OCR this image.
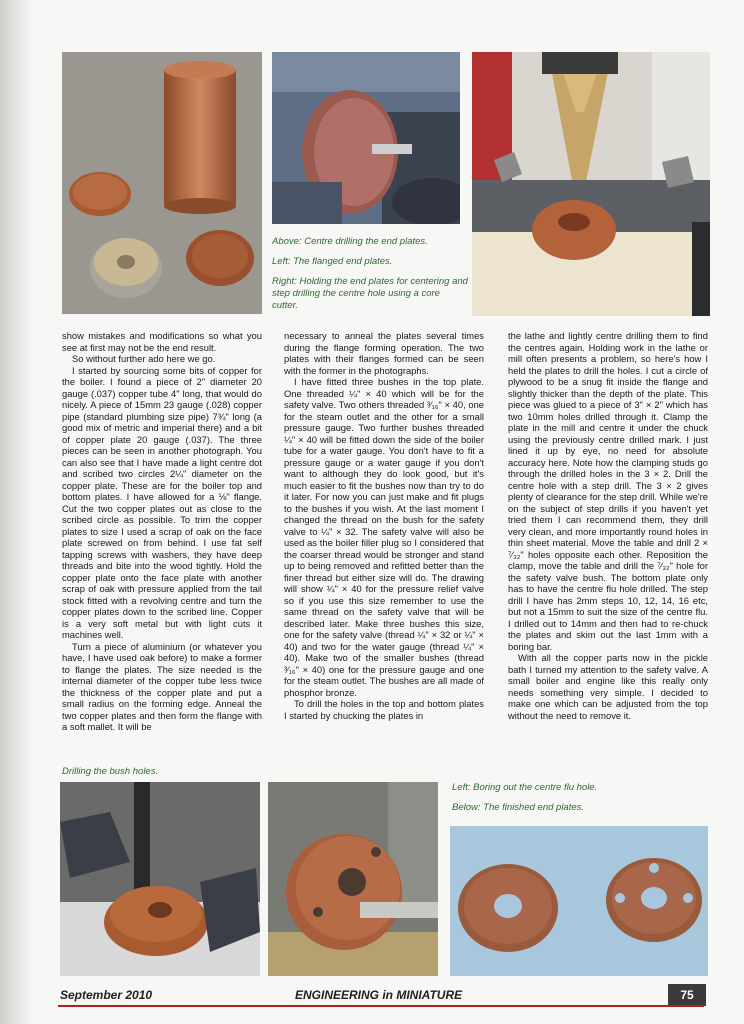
Above: Centre drilling the end plates.

Left: The flanged end plates.

Right: Holding the end plates for centering and step drilling the centre hole using a core cutter.

show mistakes and modifications so what you see at first may not be the end result.

So without further ado here we go.

I started by sourcing some bits of copper for the boiler. I found a piece of 2" diameter 20 gauge (.037) copper tube 4" long, that would do nicely. A piece of 15mm 23 gauge (.028) copper pipe (standard plumbing size pipe) 7¾" long (a good mix of metric and imperial there) and a bit of copper plate 20 gauge (.037). The three pieces can be seen in another photograph. You can also see that I have made a light centre dot and scribed two circles 2¼" diameter on the copper plate. These are for the boiler top and bottom plates. I have allowed for a ⅛" flange. Cut the two copper plates out as close to the scribed circle as possible. To trim the copper plates to size I used a scrap of oak on the face plate screwed on from behind. I use fat self tapping screws with washers, they have deep threads and bite into the wood tightly. Hold the copper plate onto the face plate with another scrap of oak with pressure applied from the tail stock fitted with a revolving centre and turn the copper plates down to the scribed line. Copper is a very soft metal but with light cuts it machines well.

Turn a piece of aluminium (or whatever you have, I have used oak before) to make a former to flange the plates. The size needed is the internal diameter of the copper tube less twice the thickness of the copper plate and put a small radius on the forming edge. Anneal the two copper plates and then form the flange with a soft mallet. It will be

necessary to anneal the plates several times during the flange forming operation. The two plates with their flanges formed can be seen with the former in the photographs.

I have fitted three bushes in the top plate. One threaded ¼" × 40 which will be for the safety valve. Two others threaded ³⁄₁₆" × 40, one for the steam outlet and the other for a small pressure gauge. Two further bushes threaded ¼" × 40 will be fitted down the side of the boiler tube for a water gauge. You don't have to fit a pressure gauge or a water gauge if you don't want to although they do look good, but it's much easier to fit the bushes now than try to do it later. For now you can just make and fit plugs to the bushes if you wish. At the last moment I changed the thread on the bush for the safety valve to ¼" × 32. The safety valve will also be used as the boiler filler plug so I considered that the coarser thread would be stronger and stand up to being removed and refitted better than the finer thread but either size will do. The drawing will show ¼" × 40 for the pressure relief valve so if you use this size remember to use the same thread on the safety valve that will be described later. Make three bushes this size, one for the safety valve (thread ¼" × 32 or ¼" × 40) and two for the water gauge (thread ¼" × 40). Make two of the smaller bushes (thread ³⁄₁₆" × 40) one for the pressure gauge and one for the steam outlet. The bushes are all made of phosphor bronze.

To drill the holes in the top and bottom plates I started by chucking the plates in

the lathe and lightly centre drilling them to find the centres again. Holding work in the lathe or mill often presents a problem, so here's how I held the plates to drill the holes. I cut a circle of plywood to be a snug fit inside the flange and slightly thicker than the depth of the plate. This piece was glued to a piece of 3" × 2" which has two 10mm holes drilled through it. Clamp the plate in the mill and centre it under the chuck using the previously centre drilled mark. I just lined it up by eye, no need for absolute accuracy here. Note how the clamping studs go through the drilled holes in the 3 × 2. Drill the centre hole with a step drill. The 3 × 2 gives plenty of clearance for the step drill. While we're on the subject of step drills if you haven't yet tried them I can recommend them, they drill very clean, and more importantly round holes in thin sheet material. Move the table and drill 2 × ⁷⁄₃₂" holes opposite each other. Reposition the clamp, move the table and drill the ⁷⁄₃₂" hole for the safety valve bush. The bottom plate only has to have the centre flu hole drilled. The step drill I have has 2mm steps 10, 12, 14, 16 etc, but not a 15mm to suit the size of the centre flu. I drilled out to 14mm and then had to re-chuck the plates and skim out the last 1mm with a boring bar.

With all the copper parts now in the pickle bath I turned my attention to the safety valve. A small boiler and engine like this really only needs something very simple. I decided to make one which can be adjusted from the top without the need to remove it.

Drilling the bush holes.

Left: Boring out the centre flu hole.

Below: The finished end plates.

September 2010	ENGINEERING in MINIATURE	75
